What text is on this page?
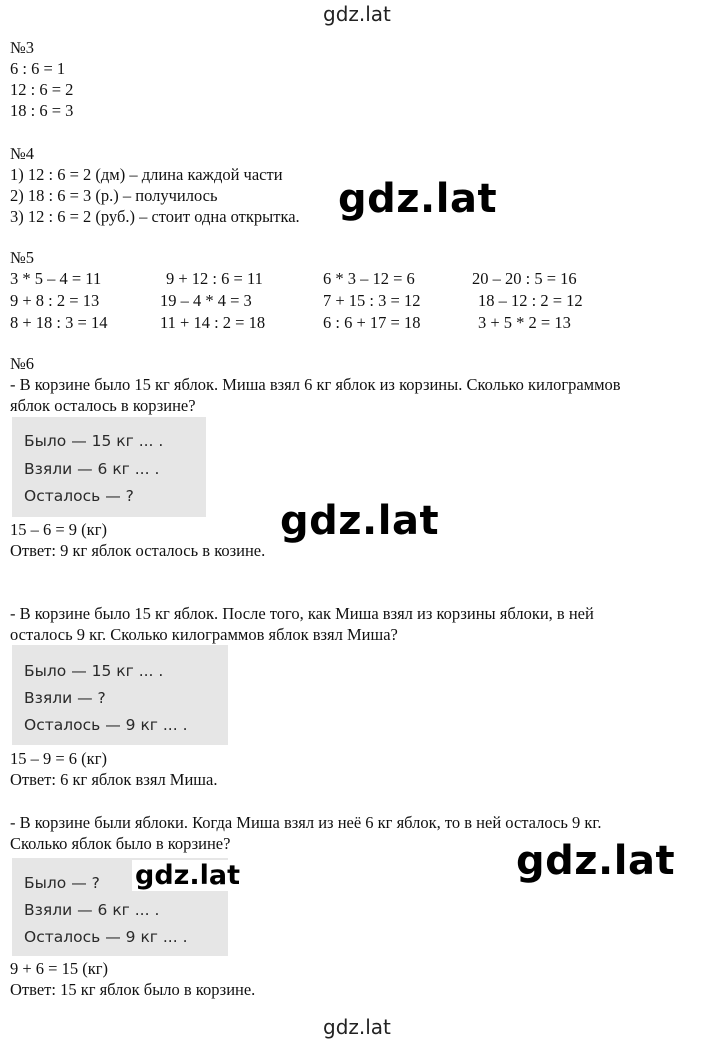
gdz.lat
№3
6 : 6 = 1
12 : 6 = 2
18 : 6 = 3
№4
1) 12 : 6 = 2 (дм) – длина каждой части
2) 18 : 6 = 3 (р.) – получилось
3) 12 : 6 = 2 (руб.) – стоит одна открытка. gdz.lat
№5
3 * 5 – 4 = 11
9 + 8 : 2 = 13
8 + 18 : 3 = 14
9 + 12 : 6 = 11
19 – 4 * 4 = 3
11 + 14 : 2 = 18
6 * 3 – 12 = 6
7 + 15 : 3 = 12
6 : 6 + 17 = 18
20 – 20 : 5 = 16
18 – 12 : 2 = 12
3 + 5 * 2 = 13
№6
- В корзине было 15 кг яблок. Миша взял 6 кг яблок из корзины. Сколько килограммов
яблок осталось в корзине?
Было — 15 кг ... .
Взяли — 6 кг ... .
Осталось — ?
gdz.lat
15 – 6 = 9 (кг)
Ответ: 9 кг яблок осталось в козине.
- В корзине было 15 кг яблок. После того, как Миша взял из корзины яблоки, в ней
осталось 9 кг. Сколько килограммов яблок взял Миша?
Было — 15 кг ... .
Взяли — ?
Осталось — 9 кг ... .
15 – 9 = 6 (кг)
Ответ: 6 кг яблок взял Миша.
- В корзине были яблоки. Когда Миша взял из неё 6 кг яблок, то в ней осталось 9 кг.
Сколько яблок было в корзине?	gdz.lat
Было — ?
Взяли — 6 кг ... .
Осталось — 9 кг ... .
gdz.lat
9 + 6 = 15 (кг)
Ответ: 15 кг яблок было в корзине.
gdz.lat
